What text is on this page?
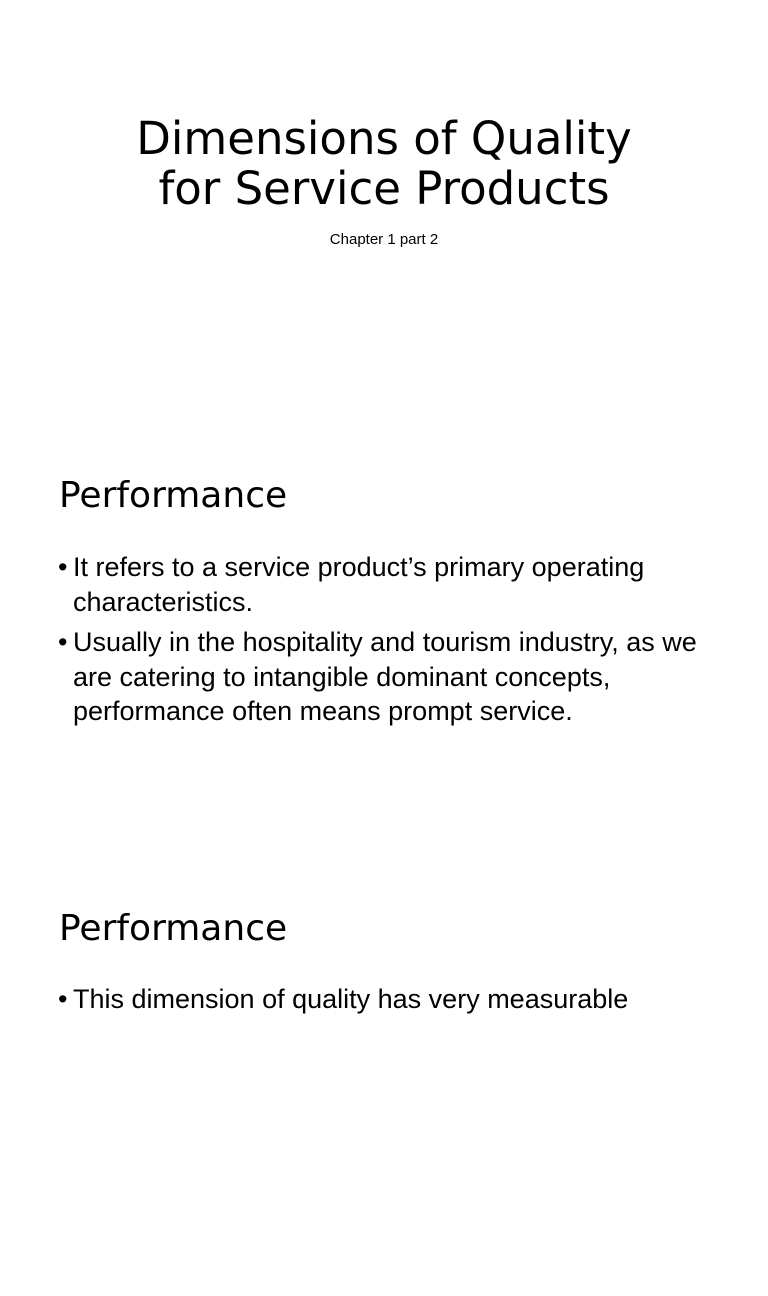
Dimensions of Quality
for Service Products
Chapter 1 part 2
Performance
• It refers to a service product’s primary operating characteristics.
• Usually in the hospitality and tourism industry, as we are catering to intangible dominant concepts, performance often means prompt service.
Performance
• This dimension of quality has very measurable
